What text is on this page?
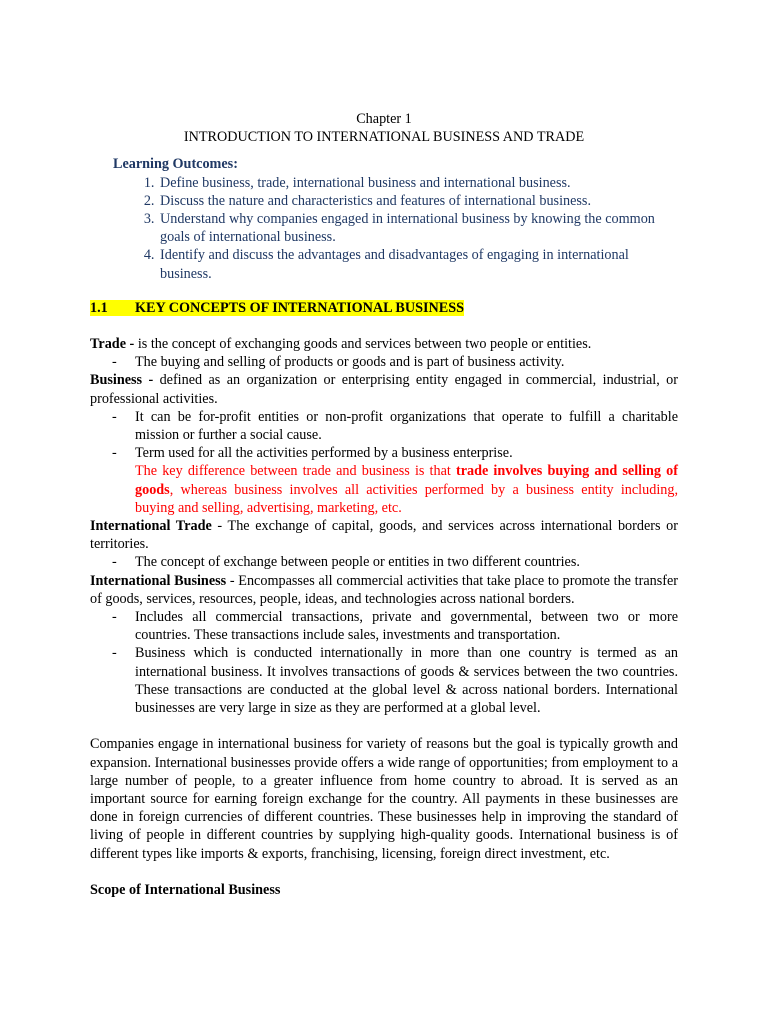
Chapter 1
INTRODUCTION TO INTERNATIONAL BUSINESS AND TRADE
Learning Outcomes:
1. Define business, trade, international business and international business.
2. Discuss the nature and characteristics and features of international business.
3. Understand why companies engaged in international business by knowing the common goals of international business.
4. Identify and discuss the advantages and disadvantages of engaging in international business.
1.1 KEY CONCEPTS OF INTERNATIONAL BUSINESS
Trade - is the concept of exchanging goods and services between two people or entities.
- The buying and selling of products or goods and is part of business activity.
Business - defined as an organization or enterprising entity engaged in commercial, industrial, or professional activities.
- It can be for-profit entities or non-profit organizations that operate to fulfill a charitable mission or further a social cause.
- Term used for all the activities performed by a business enterprise.
The key difference between trade and business is that trade involves buying and selling of goods, whereas business involves all activities performed by a business entity including, buying and selling, advertising, marketing, etc.
International Trade - The exchange of capital, goods, and services across international borders or territories.
- The concept of exchange between people or entities in two different countries.
International Business - Encompasses all commercial activities that take place to promote the transfer of goods, services, resources, people, ideas, and technologies across national borders.
- Includes all commercial transactions, private and governmental, between two or more countries. These transactions include sales, investments and transportation.
- Business which is conducted internationally in more than one country is termed as an international business. It involves transactions of goods & services between the two countries. These transactions are conducted at the global level & across national borders. International businesses are very large in size as they are performed at a global level.
Companies engage in international business for variety of reasons but the goal is typically growth and expansion. International businesses provide offers a wide range of opportunities; from employment to a large number of people, to a greater influence from home country to abroad. It is served as an important source for earning foreign exchange for the country. All payments in these businesses are done in foreign currencies of different countries. These businesses help in improving the standard of living of people in different countries by supplying high-quality goods. International business is of different types like imports & exports, franchising, licensing, foreign direct investment, etc.
Scope of International Business
